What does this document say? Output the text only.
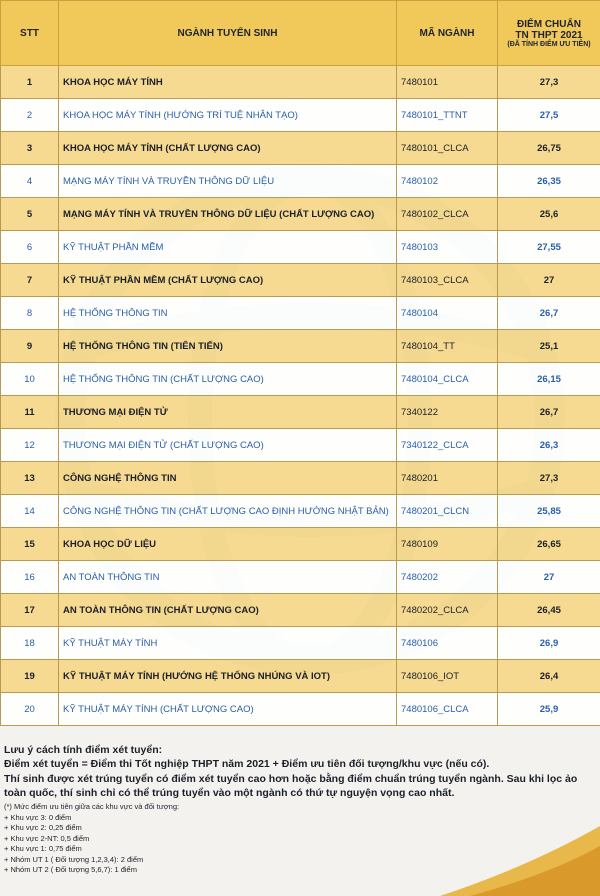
STT	NGÀNH TUYỂN SINH	MÃ NGÀNH	ĐIỂM CHUẨN
TN THPT 2021
(ĐÃ TÍNH ĐIỂM ƯU TIÊN)

1	KHOA HỌC MÁY TÍNH	7480101	27,3
2	KHOA HỌC MÁY TÍNH (HƯỚNG TRÍ TUỆ NHÂN TẠO)	7480101_TTNT	27,5
3	KHOA HỌC MÁY TÍNH (CHẤT LƯỢNG CAO)	7480101_CLCA	26,75
4	MẠNG MÁY TÍNH VÀ TRUYỀN THÔNG DỮ LIỆU	7480102	26,35
5	MẠNG MÁY TÍNH VÀ TRUYỀN THÔNG DỮ LIỆU (CHẤT LƯỢNG CAO)	7480102_CLCA	25,6
6	KỸ THUẬT PHẦN MỀM	7480103	27,55
7	KỸ THUẬT PHẦN MỀM (CHẤT LƯỢNG CAO)	7480103_CLCA	27
8	HỆ THỐNG THÔNG TIN	7480104	26,7
9	HỆ THỐNG THÔNG TIN (TIÊN TIẾN)	7480104_TT	25,1
10	HỆ THỐNG THÔNG TIN (CHẤT LƯỢNG CAO)	7480104_CLCA	26,15
11	THƯƠNG MẠI ĐIỆN TỬ	7340122	26,7
12	THƯƠNG MẠI ĐIỆN TỬ (CHẤT LƯỢNG CAO)	7340122_CLCA	26,3
13	CÔNG NGHỆ THÔNG TIN	7480201	27,3
14	CÔNG NGHỆ THÔNG TIN (CHẤT LƯỢNG CAO ĐỊNH HƯỚNG NHẬT BẢN)	7480201_CLCN	25,85
15	KHOA HỌC DỮ LIỆU	7480109	26,65
16	AN TOÀN THÔNG TIN	7480202	27
17	AN TOÀN THÔNG TIN (CHẤT LƯỢNG CAO)	7480202_CLCA	26,45
18	KỸ THUẬT MÁY TÍNH	7480106	26,9
19	KỸ THUẬT MÁY TÍNH (HƯỚNG HỆ THỐNG NHÚNG VÀ IOT)	7480106_IOT	26,4
20	KỸ THUẬT MÁY TÍNH (CHẤT LƯỢNG CAO)	7480106_CLCA	25,9

Lưu ý cách tính điểm xét tuyển:

Điểm xét tuyển = Điểm thi Tốt nghiệp THPT năm 2021 + Điểm ưu tiên đối tượng/khu vực (nếu có).

Thí sinh được xét trúng tuyển có điểm xét tuyển cao hơn hoặc bằng điểm chuẩn trúng tuyển ngành. Sau khi lọc ảo toàn quốc, thí sinh chỉ có thể trúng tuyển vào một ngành có thứ tự nguyện vọng cao nhất.

(*) Mức điểm ưu tiên giữa các khu vực và đối tượng:

+ Khu vực 3: 0 điểm

+ Khu vực 2: 0,25 điểm

+ Khu vực 2-NT: 0,5 điểm

+ Khu vực 1: 0,75 điểm

+ Nhóm UT 1 ( Đối tượng 1,2,3,4): 2 điểm

+ Nhóm UT 2 ( Đối tượng 5,6,7): 1 điểm
